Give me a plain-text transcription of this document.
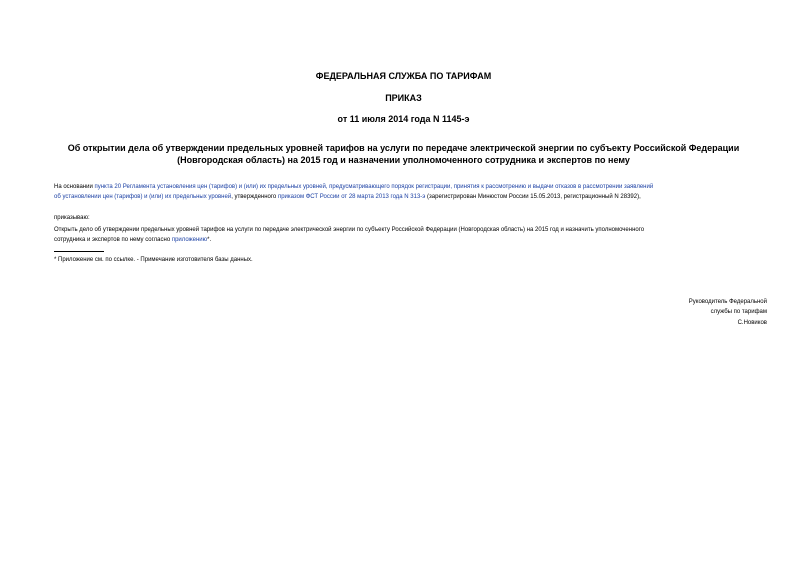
ФЕДЕРАЛЬНАЯ СЛУЖБА ПО ТАРИФАМ
ПРИКАЗ
от 11 июля 2014 года N 1145-э
Об открытии дела об утверждении предельных уровней тарифов на услуги по передаче электрической энергии по субъекту Российской Федерации
(Новгородская область) на 2015 год и назначении уполномоченного сотрудника и экспертов по нему
На основании пункта 20 Регламента установления цен (тарифов) и (или) их предельных уровней, предусматривающего порядок регистрации, принятия к рассмотрению и выдачи отказов в рассмотрении заявлений
об установлении цен (тарифов) и (или) их предельных уровней, утвержденного приказом ФСТ России от 28 марта 2013 года N 313-э (зарегистрирован Минюстом России 15.05.2013, регистрационный N 28392),
приказываю:
Открыть дело об утверждении предельных уровней тарифов на услуги по передаче электрической энергии по субъекту Российской Федерации (Новгородская область) на 2015 год и назначить уполномоченного
сотрудника и экспертов по нему согласно приложению*.
* Приложение см. по ссылке. - Примечание изготовителя базы данных.
Руководитель Федеральной
службы по тарифам
С.Новиков
